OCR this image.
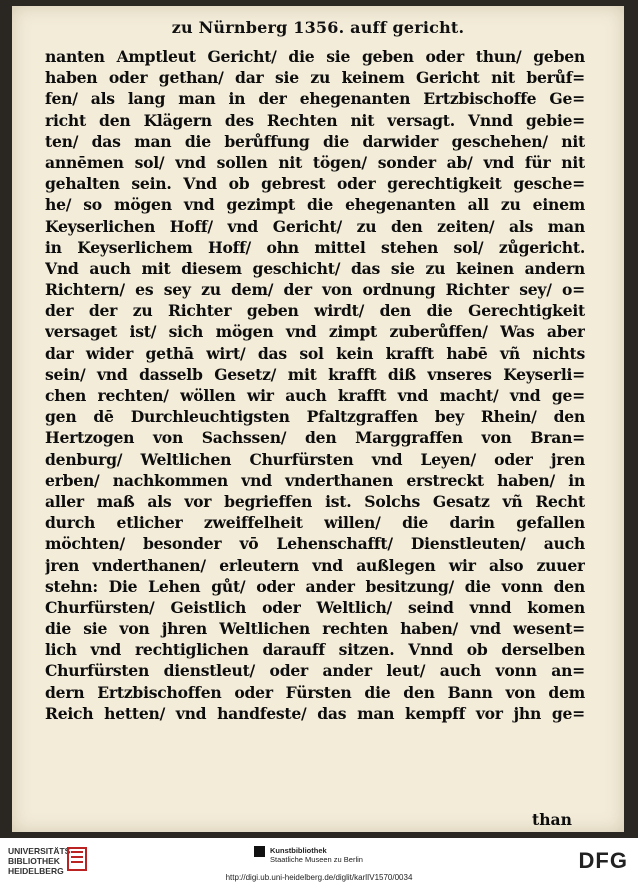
zu Nürnberg 1356. auff gericht.
nanten Amptleut Gericht/ die sie geben oder thun/ geben
haben oder gethan/ dar sie zu keinem Gericht nit berůf=
fen/ als lang man in der ehegenanten Ertzbischoffe Ge=
richt den Klägern des Rechten nit versagt. Vnnd gebie=
ten/ das man die berůffung die darwider geschehen/ nit
annēmen sol/ vnd sollen nit tögen/ sonder ab/ vnd für nit
gehalten sein. Vnd ob gebrest oder gerechtigkeit gesche=
he/ so mögen vnd gezimpt die ehegenanten all zu einem
Keyserlichen Hoff/ vnd Gericht/ zu den zeiten/ als man
in Keyserlichem Hoff/ ohn mittel stehen sol/ zůgericht.
Vnd auch mit diesem geschicht/ das sie zu keinen andern
Richtern/ es sey zu dem/ der von ordnung Richter sey/ o=
der der zu Richter geben wirdt/ den die Gerechtigkeit
versaget ist/ sich mögen vnd zimpt zuberůffen/ Was aber
dar wider gethā wirt/ das sol kein krafft habē vñ nichts
sein/ vnd dasselb Gesetz/ mit krafft diß vnseres Keyserli=
chen rechten/ wöllen wir auch krafft vnd macht/ vnd ge=
gen dē Durchleuchtigsten Pfaltzgraffen bey Rhein/ den
Hertzogen von Sachssen/ den Marggraffen von Bran=
denburg/ Weltlichen Churfürsten vnd Leyen/ oder jren
erben/ nachkommen vnd vnderthanen erstreckt haben/ in
aller maß als vor begrieffen ist. Solchs Gesatz vñ Recht
durch etlicher zweiffelheit willen/ die darin gefallen
möchten/ besonder vō Lehenschafft/ Dienstleuten/ auch
jren vnderthanen/ erleutern vnd außlegen wir also zuuer
stehn: Die Lehen gůt/ oder ander besitzung/ die vonn den
Churfürsten/ Geistlich oder Weltlich/ seind vnnd komen
die sie von jhren Weltlichen rechten haben/ vnd wesent=
lich vnd rechtiglichen darauff sitzen. Vnnd ob derselben
Churfürsten dienstleut/ oder ander leut/ auch vonn an=
dern Ertzbischoffen oder Fürsten die den Bann von dem
Reich hetten/ vnd handfeste/ das man kempff vor jhn ge=
than
UNIVERSITÄTS- BIBLIOTHEK HEIDELBERG
Kunstbibliothek
Staatliche Museen zu Berlin	DFG
http://digi.ub.uni-heidelberg.de/diglit/karlIV1570/0034
